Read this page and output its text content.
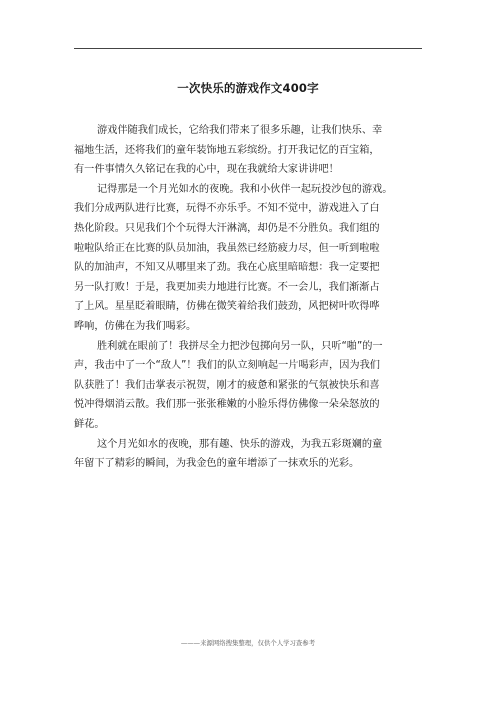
一次快乐的游戏作文400字
游戏伴随我们成长，它给我们带来了很多乐趣，让我们快乐、幸
福地生活，还将我们的童年装饰地五彩缤纷。打开我记忆的百宝箱，
有一件事情久久铭记在我的心中，现在我就给大家讲讲吧！
记得那是一个月光如水的夜晚。我和小伙伴一起玩投沙包的游戏。
我们分成两队进行比赛，玩得不亦乐乎。不知不觉中，游戏进入了白
热化阶段。只见我们个个玩得大汗淋漓，却仍是不分胜负。我们组的
啦啦队给正在比赛的队员加油，我虽然已经筋疲力尽，但一听到啦啦
队的加油声，不知又从哪里来了劲。我在心底里暗暗想：我一定要把
另一队打败！于是，我更加卖力地进行比赛。不一会儿，我们渐渐占
了上风。星星眨着眼睛，仿佛在微笑着给我们鼓劲，风把树叶吹得哗
哗响，仿佛在为我们喝彩。
胜利就在眼前了！我拼尽全力把沙包掷向另一队，只听“啪”的一
声，我击中了一个“敌人”！我们的队立刻响起一片喝彩声，因为我们
队获胜了！我们击掌表示祝贺，刚才的疲惫和紧张的气氛被快乐和喜
悦冲得烟消云散。我们那一张张稚嫩的小脸乐得仿佛像一朵朵怒放的
鲜花。
这个月光如水的夜晚，那有趣、快乐的游戏，为我五彩斑斓的童
年留下了精彩的瞬间，为我金色的童年增添了一抹欢乐的光彩。
———来源网络搜集整理，仅供个人学习查参考
